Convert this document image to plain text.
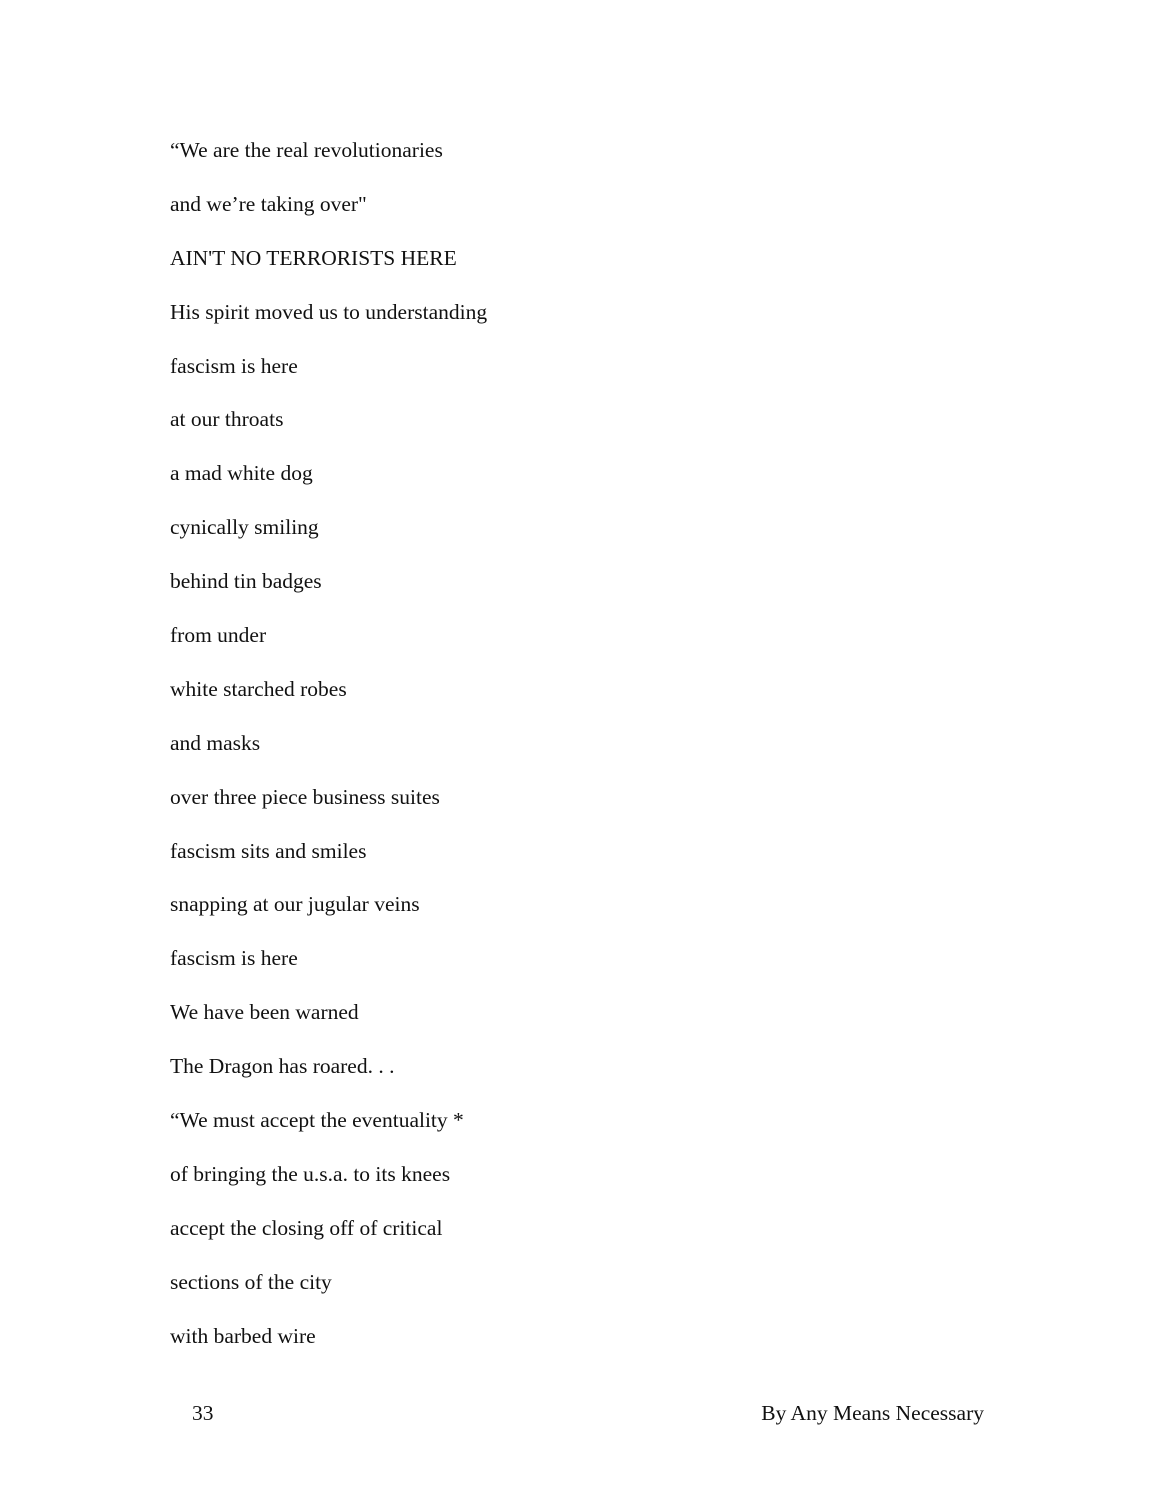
“We are the real revolutionaries
and we’re taking over"
AIN'T NO TERRORISTS HERE
His spirit moved us to understanding
fascism is here
at our throats
a mad white dog
cynically smiling
behind tin badges
from under
white starched robes
and masks
over three piece business suites
fascism sits and smiles
snapping at our jugular veins
fascism is here
We have been warned
The Dragon has roared. . .
“We must accept the eventuality *
of bringing the u.s.a. to its knees
accept the closing off of critical
sections of the city
with barbed wire
33	By Any Means Necessary
